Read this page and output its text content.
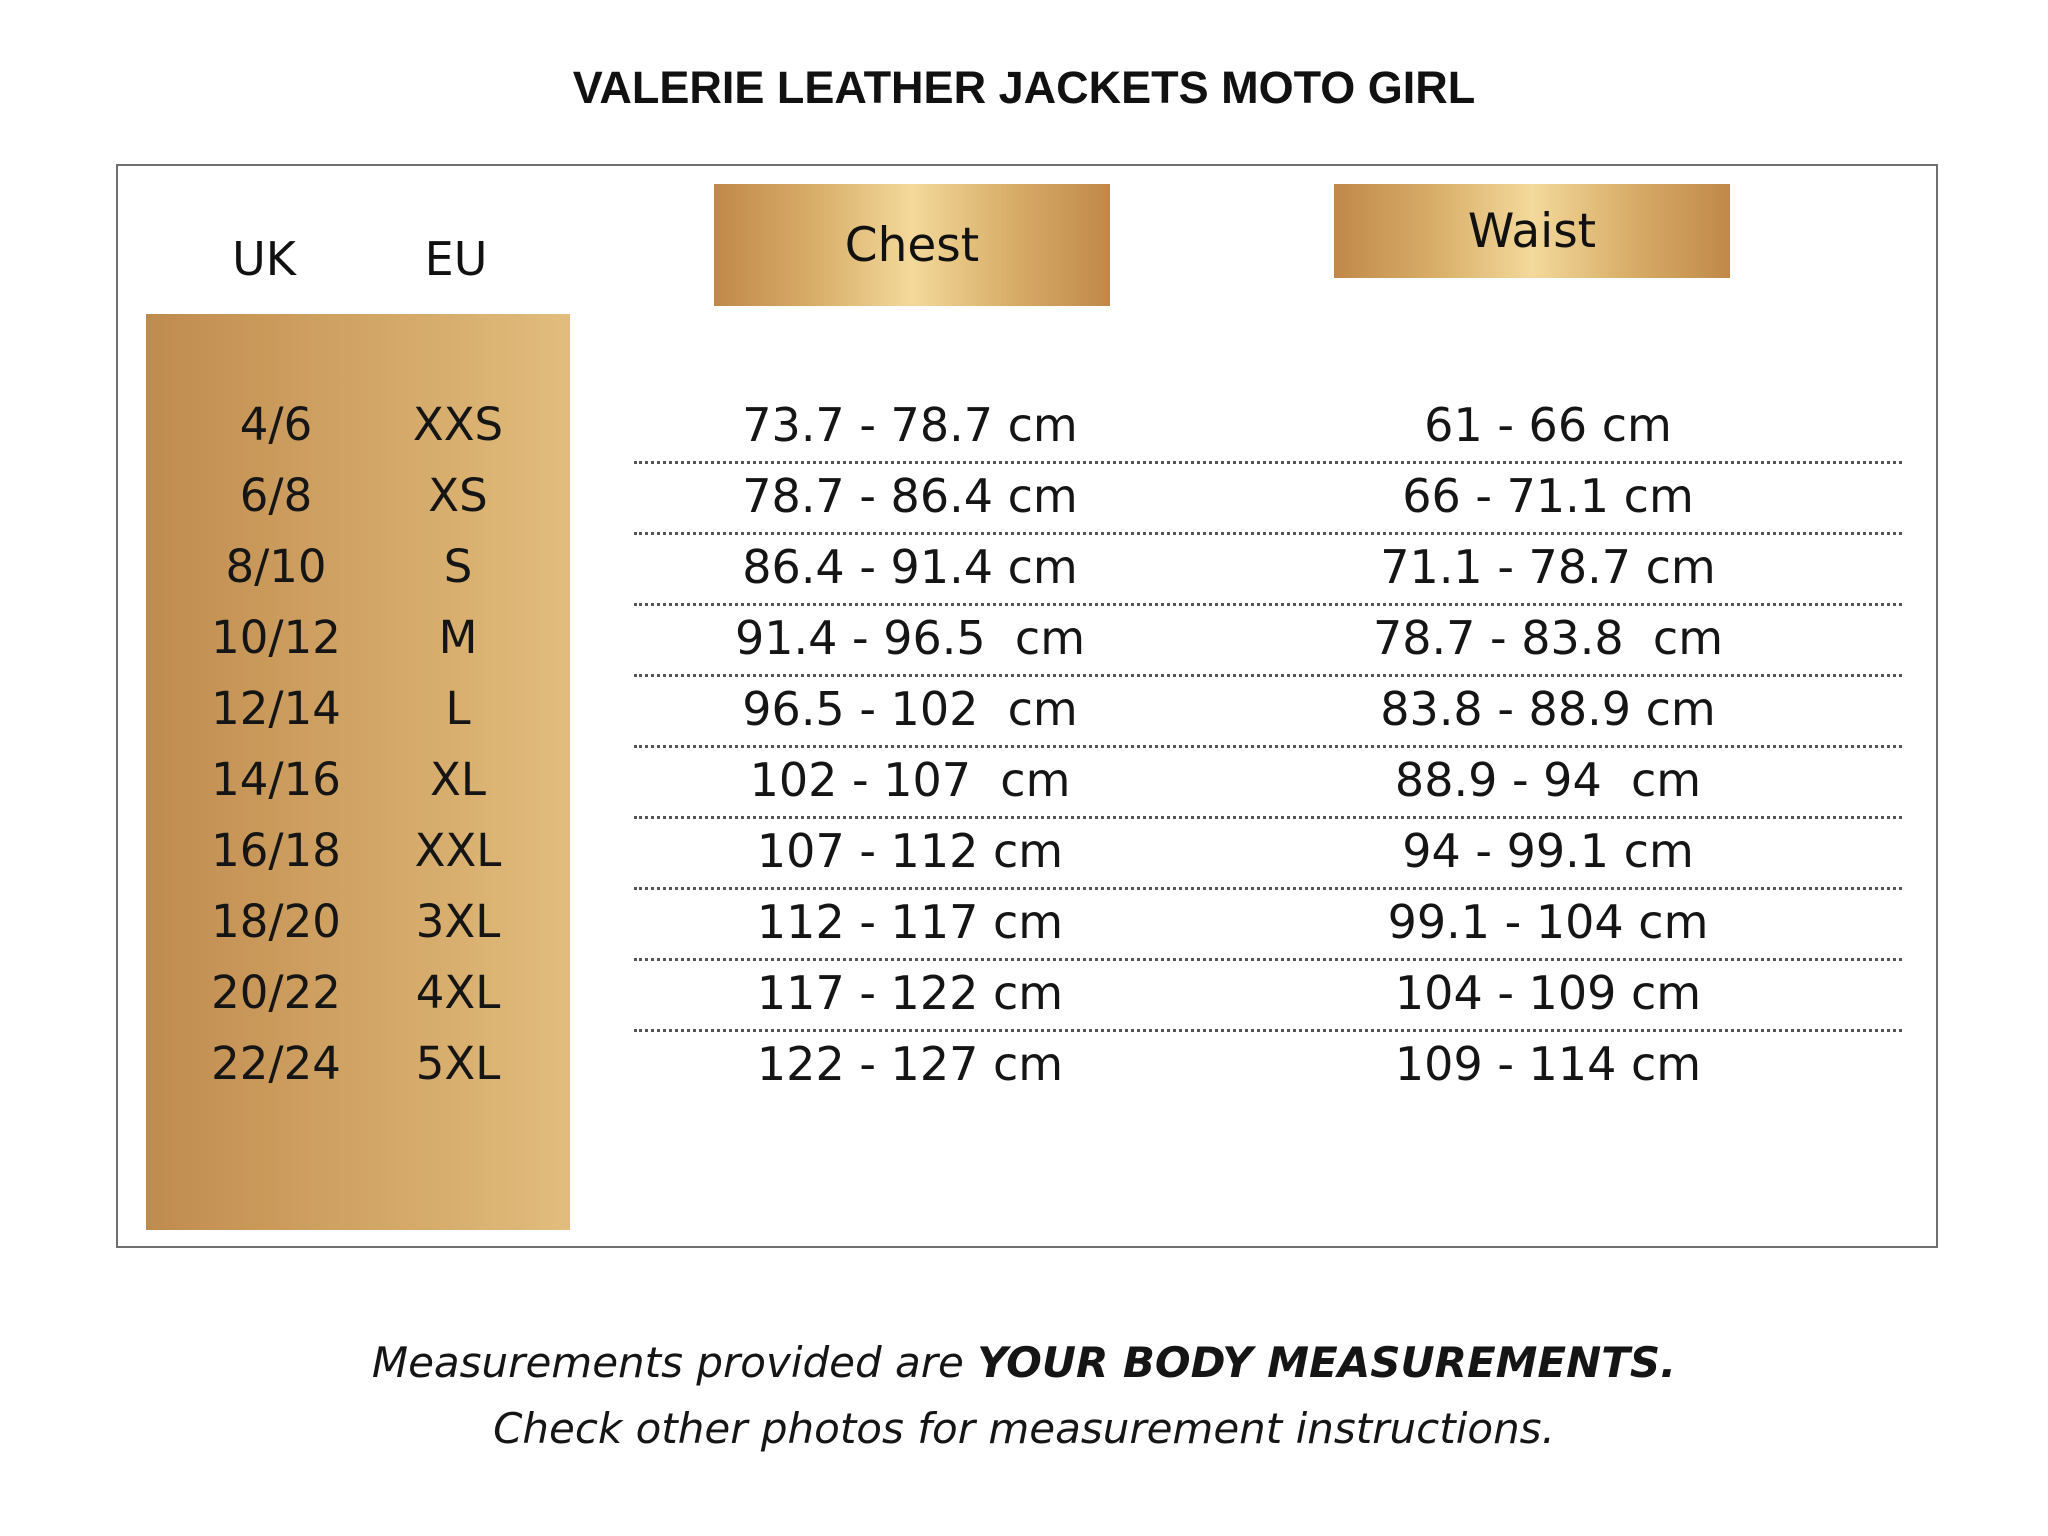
VALERIE LEATHER JACKETS MOTO GIRL
UK	EU	Chest	Waist
4/6	XXS	73.7 - 78.7 cm	61 - 66 cm
6/8	XS	78.7 - 86.4 cm	66 - 71.1 cm
8/10	S	86.4 - 91.4 cm	71.1 - 78.7 cm
10/12	M	91.4 - 96.5  cm	78.7 - 83.8  cm
12/14	L	96.5 - 102  cm	83.8 - 88.9 cm
14/16	XL	102 - 107  cm	88.9 - 94  cm
16/18	XXL	107 - 112 cm	94 - 99.1 cm
18/20	3XL	112 - 117 cm	99.1 - 104 cm
20/22	4XL	117 - 122 cm	104 - 109 cm
22/24	5XL	122 - 127 cm	109 - 114 cm
Measurements provided are YOUR BODY MEASUREMENTS.
Check other photos for measurement instructions.
